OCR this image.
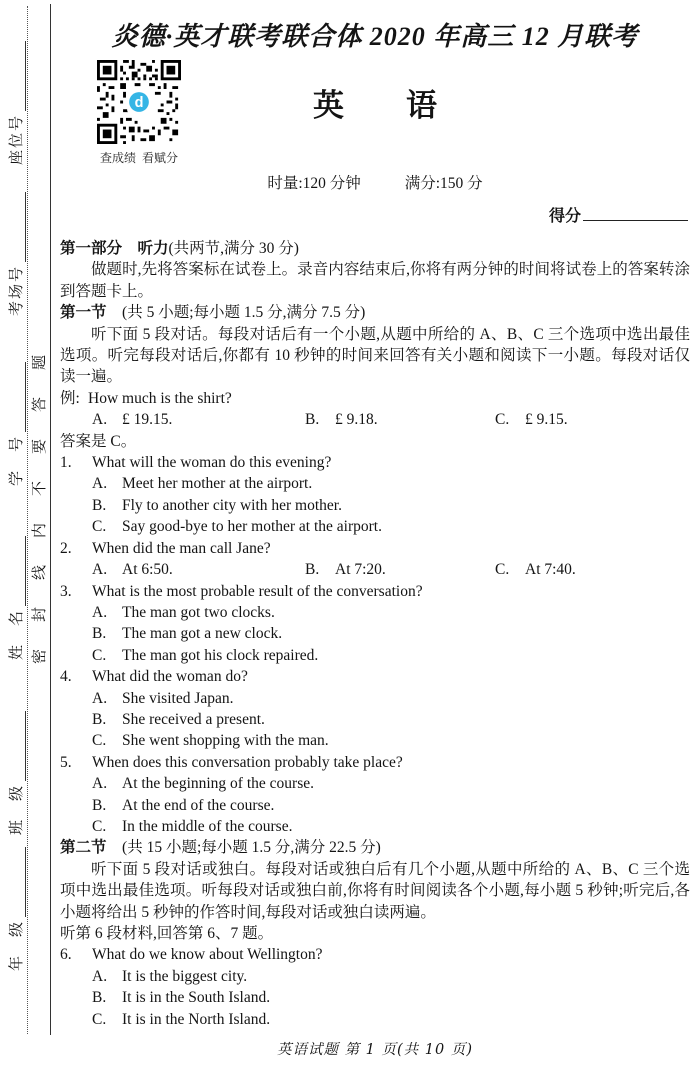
座位号
考场号
学　号
姓　名
班　级
年　级
密封线内不要答题
炎德·英才联考联合体 2020 年高三 12 月联考
d
查成绩 看赋分
英　　语
时量:120 分钟	满分:150 分
得分
第一部分　听力(共两节,满分 30 分)

做题时,先将答案标在试卷上。录音内容结束后,你将有两分钟的时间将试卷上的答案转涂到答题卡上。

第一节　 (共 5 小题;每小题 1.5 分,满分 7.5 分)

听下面 5 段对话。每段对话后有一个小题,从题中所给的 A、B、C 三个选项中选出最佳选项。听完每段对话后,你都有 10 秒钟的时间来回答有关小题和阅读下一小题。每段对话仅读一遍。

例: How much is the shirt?
A. £ 19.15.	B. £ 9.18.	C. £ 9.15.
答案是 C。
1. What will the woman do this evening?
A. Meet her mother at the airport.
B. Fly to another city with her mother.
C. Say good-bye to her mother at the airport.
2. When did the man call Jane?
A. At 6:50.	B. At 7:20.	C. At 7:40.
3. What is the most probable result of the conversation?
A. The man got two clocks.
B. The man got a new clock.
C. The man got his clock repaired.
4. What did the woman do?
A. She visited Japan.
B. She received a present.
C. She went shopping with the man.
5. When does this conversation probably take place?
A. At the beginning of the course.
B. At the end of the course.
C. In the middle of the course.
第二节　 (共 15 小题;每小题 1.5 分,满分 22.5 分)

听下面 5 段对话或独白。每段对话或独白后有几个小题,从题中所给的 A、B、C 三个选项中选出最佳选项。听每段对话或独白前,你将有时间阅读各个小题,每小题 5 秒钟;听完后,各小题将给出 5 秒钟的作答时间,每段对话或独白读两遍。

听第 6 段材料,回答第 6、7 题。
6. What do we know about Wellington?
A. It is the biggest city.
B. It is in the South Island.
C. It is in the North Island.
英语试题 第 1 页(共 10 页)
